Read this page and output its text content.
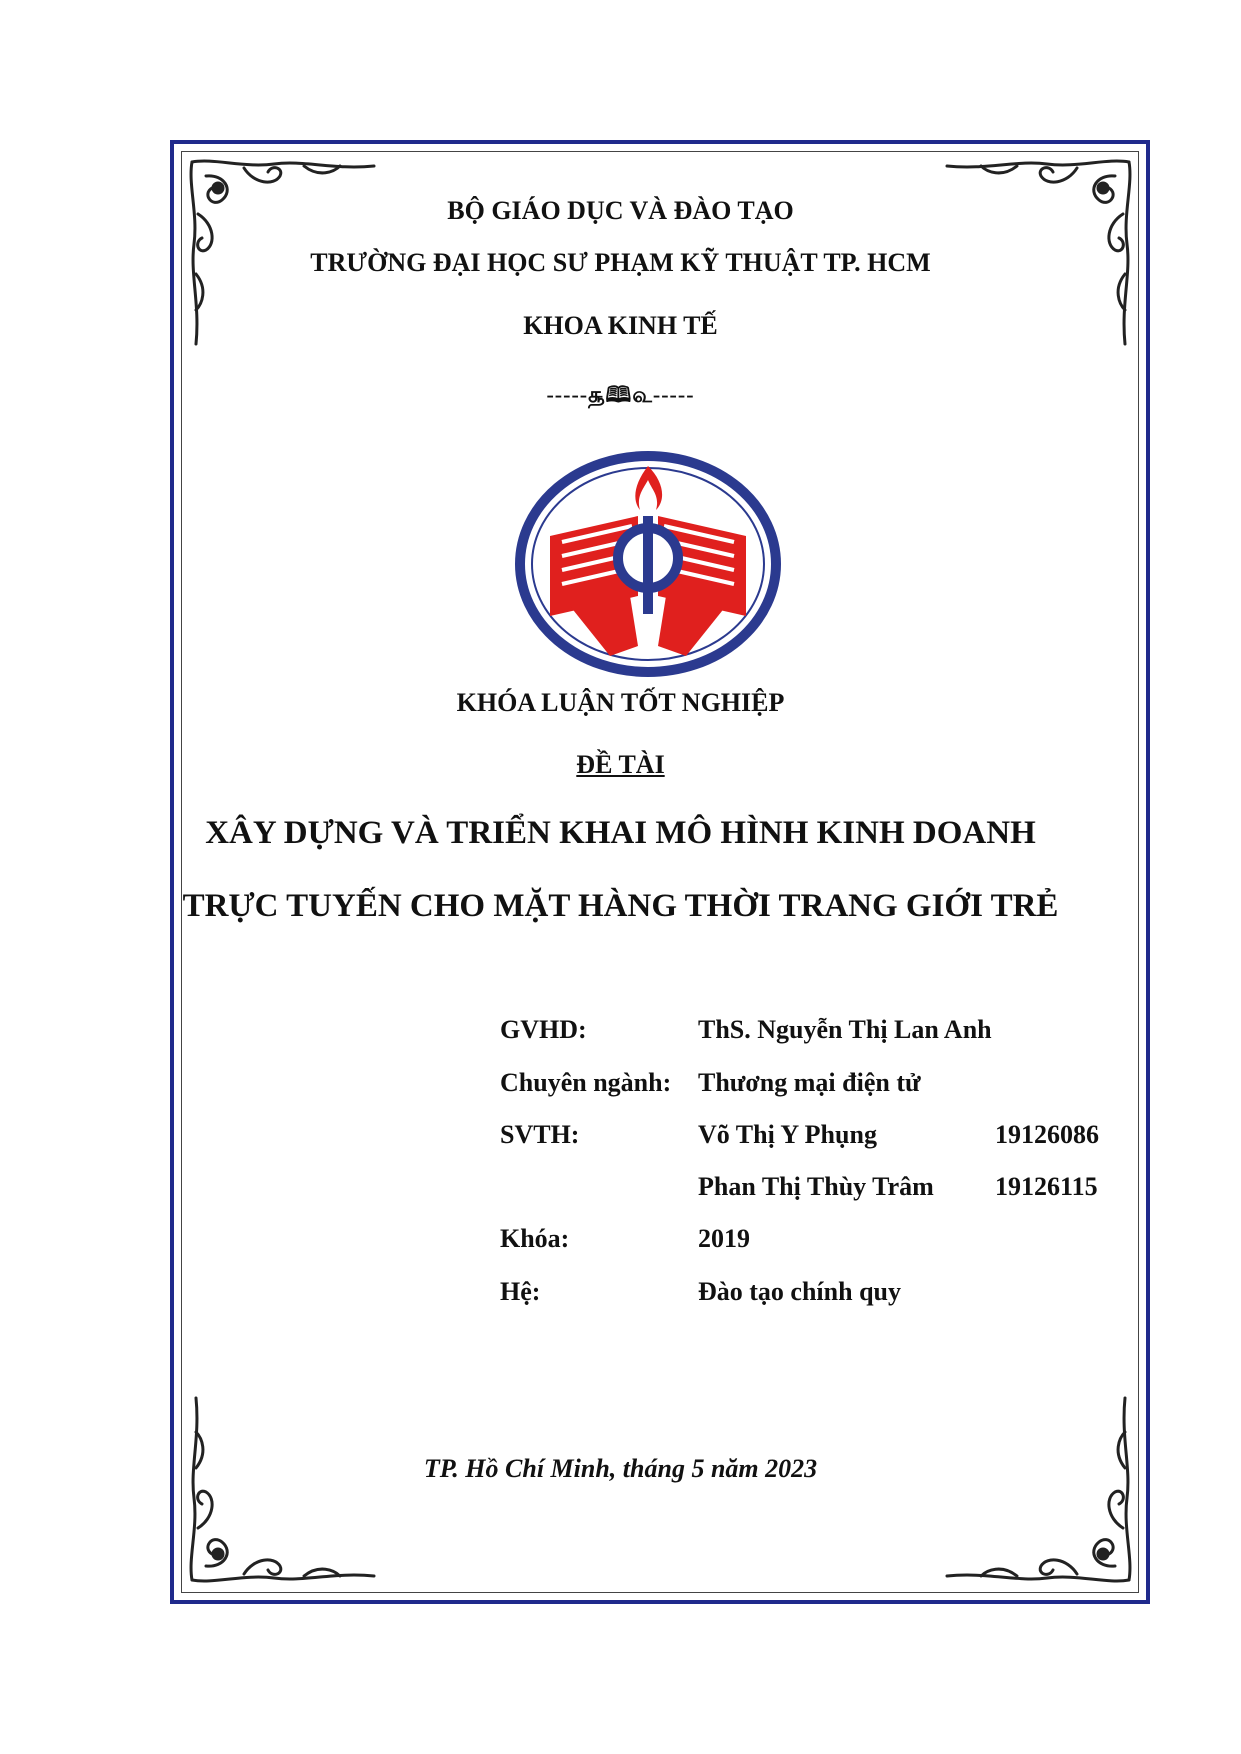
BỘ GIÁO DỤC VÀ ĐÀO TẠO
TRƯỜNG ĐẠI HỌC SƯ PHẠM KỸ THUẬT TP. HCM
KHOA KINH TẾ
-----௲🕮௳-----
KHÓA LUẬN TỐT NGHIỆP
ĐỀ TÀI
XÂY DỰNG VÀ TRIỂN KHAI MÔ HÌNH KINH DOANH
TRỰC TUYẾN CHO MẶT HÀNG THỜI TRANG GIỚI TRẺ
GVHD:	ThS. Nguyễn Thị Lan Anh
Chuyên ngành: Thương mại điện tử
SVTH:	Võ Thị Y Phụng	19126086
Phan Thị Thùy Trâm 19126115
Khóa:	2019
Hệ:	Đào tạo chính quy
TP. Hồ Chí Minh, tháng 5 năm 2023
